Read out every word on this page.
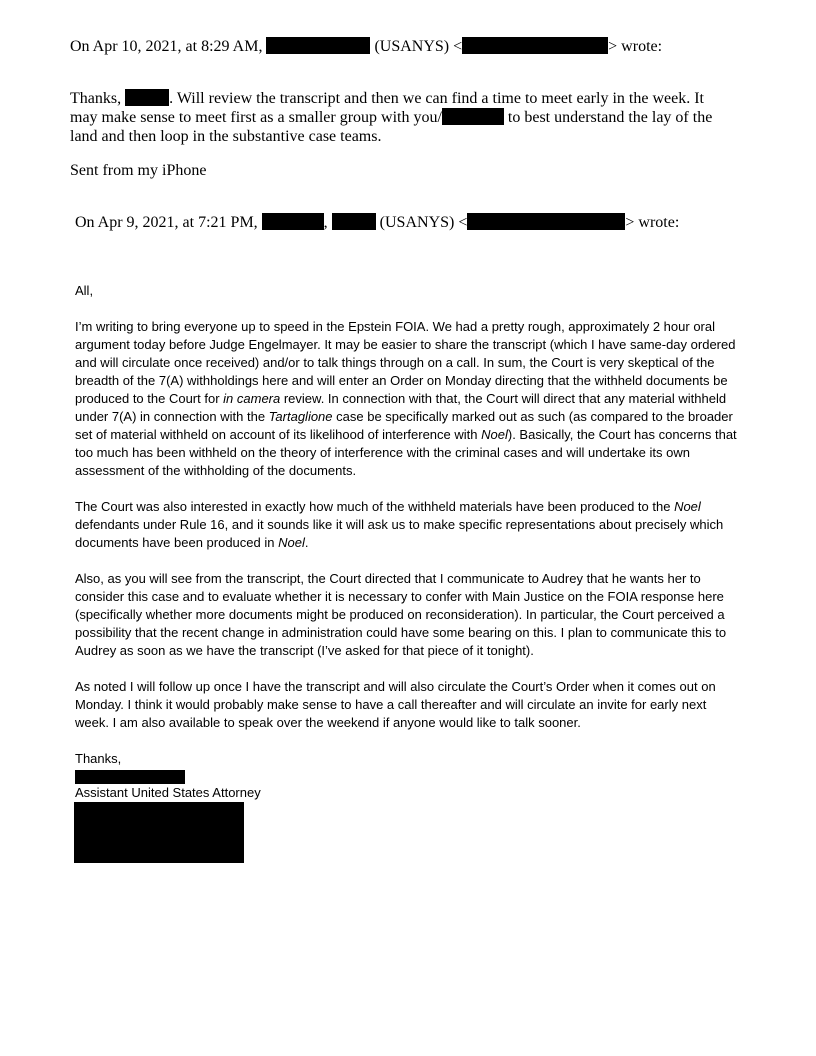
On Apr 10, 2021, at 8:29 AM,	(USANYS) <	> wrote:
Thanks,	. Will review the transcript and then we can find a time to meet early in the week. It
may make sense to meet first as a smaller group with you/	to best understand the lay of the
land and then loop in the substantive case teams.
Sent from my iPhone
On Apr 9, 2021, at 7:21 PM,	,	(USANYS) <	> wrote:

All,

I’m writing to bring everyone up to speed in the Epstein FOIA. We had a pretty rough, approximately 2 hour oral argument today before Judge Engelmayer. It may be easier to share the transcript (which I have same-day ordered and will circulate once received) and/or to talk things through on a call. In sum, the Court is very skeptical of the breadth of the 7(A) withholdings here and will enter an Order on Monday directing that the withheld documents be produced to the Court for in camera review. In connection with that, the Court will direct that any material withheld under 7(A) in connection with the Tartaglione case be specifically marked out as such (as compared to the broader set of material withheld on account of its likelihood of interference with Noel). Basically, the Court has concerns that too much has been withheld on the theory of interference with the criminal cases and will undertake its own assessment of the withholding of the documents.

The Court was also interested in exactly how much of the withheld materials have been produced to the Noel defendants under Rule 16, and it sounds like it will ask us to make specific representations about precisely which documents have been produced in Noel.

Also, as you will see from the transcript, the Court directed that I communicate to Audrey that he wants her to consider this case and to evaluate whether it is necessary to confer with Main Justice on the FOIA response here (specifically whether more documents might be produced on reconsideration). In particular, the Court perceived a possibility that the recent change in administration could have some bearing on this. I plan to communicate this to Audrey as soon as we have the transcript (I’ve asked for that piece of it tonight).

As noted I will follow up once I have the transcript and will also circulate the Court’s Order when it comes out on Monday. I think it would probably make sense to have a call thereafter and will circulate an invite for early next week. I am also available to speak over the weekend if anyone would like to talk sooner.

Thanks,

Assistant United States Attorney
